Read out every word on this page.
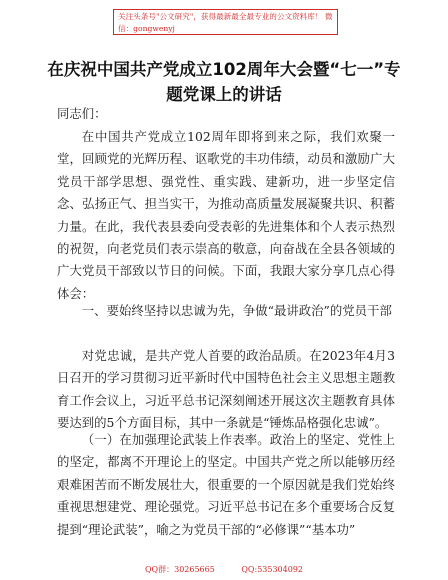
关注头条号"公文研究"，获得最新最全最专业的公文资料库！ 微信：gongwenyj
在庆祝中国共产党成立102周年大会暨“七一”专题党课上的讲话
同志们：
在中国共产党成立102周年即将到来之际，我们欢聚一堂，回顾党的光辉历程、讴歌党的丰功伟绩，动员和激励广大党员干部学思想、强党性、重实践、建新功，进一步坚定信念、弘扬正气、担当实干，为推动高质量发展凝聚共识、积蓄力量。在此，我代表县委向受表彰的先进集体和个人表示热烈的祝贺，向老党员们表示崇高的敬意，向奋战在全县各领域的广大党员干部致以节日的问候。下面，我跟大家分享几点心得体会：
一、要始终坚持以忠诚为先，争做“最讲政治”的党员干部
对党忠诚，是共产党人首要的政治品质。在2023年4月3日召开的学习贯彻习近平新时代中国特色社会主义思想主题教育工作会议上，习近平总书记深刻阐述开展这次主题教育具体要达到的5个方面目标，其中一条就是“锤炼品格强化忠诚”。
（一）在加强理论武装上作表率。政治上的坚定、党性上的坚定，都离不开理论上的坚定。中国共产党之所以能够历经艰难困苦而不断发展壮大，很重要的一个原因就是我们党始终重视思想建党、理论强党。习近平总书记在多个重要场合反复提到“理论武装”，喻之为党员干部的“必修课”“基本功”
QQ群：30265665	QQ:535304092
